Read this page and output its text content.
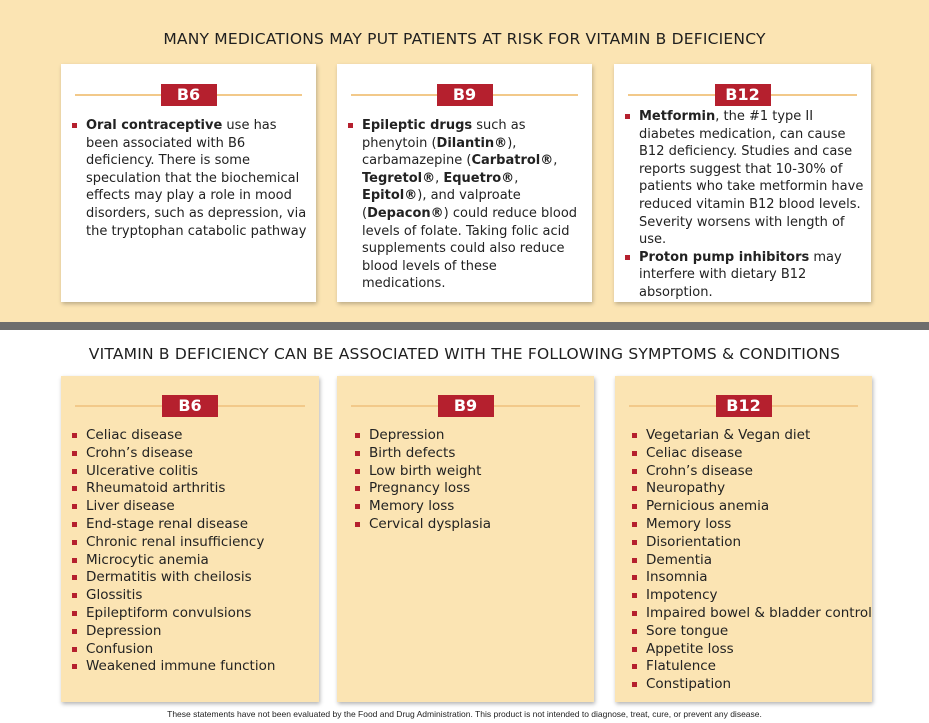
MANY MEDICATIONS MAY PUT PATIENTS AT RISK FOR VITAMIN B DEFICIENCY
B6
Oral contraceptive use has been associated with B6 deficiency. There is some speculation that the biochemical effects may play a role in mood disorders, such as depression, via the tryptophan catabolic pathway
B9
Epileptic drugs such as phenytoin (Dilantin®), carbamazepine (Carbatrol®, Tegretol®, Equetro®, Epitol®), and valproate (Depacon®) could reduce blood levels of folate. Taking folic acid supplements could also reduce blood levels of these medications.
B12
Metformin, the #1 type II diabetes medication, can cause B12 deficiency. Studies and case reports suggest that 10-30% of patients who take metformin have reduced vitamin B12 blood levels. Severity worsens with length of use.
Proton pump inhibitors may interfere with dietary B12 absorption.
VITAMIN B DEFICIENCY CAN BE ASSOCIATED WITH THE FOLLOWING SYMPTOMS & CONDITIONS
B6
Celiac disease
Crohn’s disease
Ulcerative colitis
Rheumatoid arthritis
Liver disease
End-stage renal disease
Chronic renal insufficiency
Microcytic anemia
Dermatitis with cheilosis
Glossitis
Epileptiform convulsions
Depression
Confusion
Weakened immune function
B9
Depression
Birth defects
Low birth weight
Pregnancy loss
Memory loss
Cervical dysplasia
B12
Vegetarian & Vegan diet
Celiac disease
Crohn’s disease
Neuropathy
Pernicious anemia
Memory loss
Disorientation
Dementia
Insomnia
Impotency
Impaired bowel & bladder control
Sore tongue
Appetite loss
Flatulence
Constipation
These statements have not been evaluated by the Food and Drug Administration. This product is not intended to diagnose, treat, cure, or prevent any disease.
